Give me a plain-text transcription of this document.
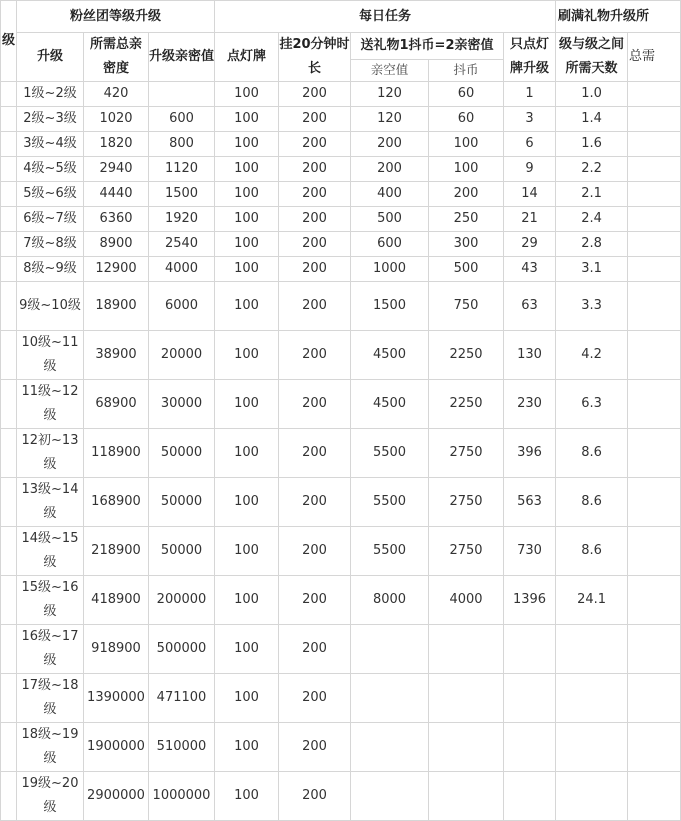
级	粉丝团等级升级			每日任务					刷满礼物升级所	
	升级	所需总亲密度	升级亲密值	点灯牌	挂20分钟时长	送礼物1抖币=2亲密值		只点灯牌升级	级与级之间所需天数	总需
						亲空值	抖币			
	1级~2级	420		100	200	120	60	1	1.0	
	2级~3级	1020	600	100	200	120	60	3	1.4	
	3级~4级	1820	800	100	200	200	100	6	1.6	
	4级~5级	2940	1120	100	200	200	100	9	2.2	
	5级~6级	4440	1500	100	200	400	200	14	2.1	
	6级~7级	6360	1920	100	200	500	250	21	2.4	
	7级~8级	8900	2540	100	200	600	300	29	2.8	
	8级~9级	12900	4000	100	200	1000	500	43	3.1	
	9级~10级	18900	6000	100	200	1500	750	63	3.3	
	10级~11级	38900	20000	100	200	4500	2250	130	4.2	
	11级~12级	68900	30000	100	200	4500	2250	230	6.3	
	12初~13级	118900	50000	100	200	5500	2750	396	8.6	
	13级~14级	168900	50000	100	200	5500	2750	563	8.6	
	14级~15级	218900	50000	100	200	5500	2750	730	8.6	
	15级~16级	418900	200000	100	200	8000	4000	1396	24.1	
	16级~17级	918900	500000	100	200					
	17级~18级	1390000	471100	100	200					
	18级~19级	1900000	510000	100	200					
	19级~20级	2900000	1000000	100	200					
